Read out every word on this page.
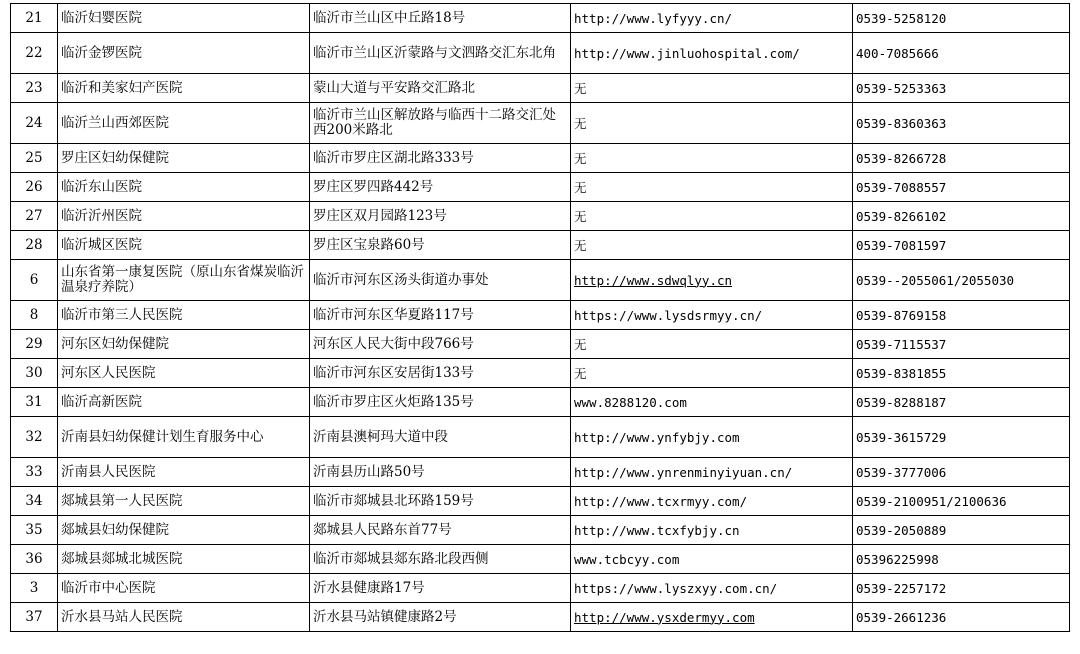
21	临沂妇婴医院	临沂市兰山区中丘路18号	http://www.lyfyyy.cn/	0539-5258120
22	临沂金锣医院	临沂市兰山区沂蒙路与文泗路交汇东北角	http://www.jinluohospital.com/	400-7085666
23	临沂和美家妇产医院	蒙山大道与平安路交汇路北	无	0539-5253363
24	临沂兰山西郊医院	临沂市兰山区解放路与临西十二路交汇处西200米路北	无	0539-8360363
25	罗庄区妇幼保健院	临沂市罗庄区湖北路333号	无	0539-8266728
26	临沂东山医院	罗庄区罗四路442号	无	0539-7088557
27	临沂沂州医院	罗庄区双月园路123号	无	0539-8266102
28	临沂城区医院	罗庄区宝泉路60号	无	0539-7081597
6	山东省第一康复医院（原山东省煤炭临沂温泉疗养院）	临沂市河东区汤头街道办事处	http://www.sdwqlyy.cn	0539--2055061/2055030
8	临沂市第三人民医院	临沂市河东区华夏路117号	https://www.lysdsrmyy.cn/	0539-8769158
29	河东区妇幼保健院	河东区人民大街中段766号	无	0539-7115537
30	河东区人民医院	临沂市河东区安居街133号	无	0539-8381855
31	临沂高新医院	临沂市罗庄区火炬路135号	www.8288120.com	0539-8288187
32	沂南县妇幼保健计划生育服务中心	沂南县澳柯玛大道中段	http://www.ynfybjy.com	0539-3615729
33	沂南县人民医院	沂南县历山路50号	http://www.ynrenminyiyuan.cn/	0539-3777006
34	郯城县第一人民医院	临沂市郯城县北环路159号	http://www.tcxrmyy.com/	0539-2100951/2100636
35	郯城县妇幼保健院	郯城县人民路东首77号	http://www.tcxfybjy.cn	0539-2050889
36	郯城县郯城北城医院	临沂市郯城县郯东路北段西侧	www.tcbcyy.com	05396225998
3	临沂市中心医院	沂水县健康路17号	https://www.lyszxyy.com.cn/	0539-2257172
37	沂水县马站人民医院	沂水县马站镇健康路2号	http://www.ysxdermyy.com	0539-2661236
